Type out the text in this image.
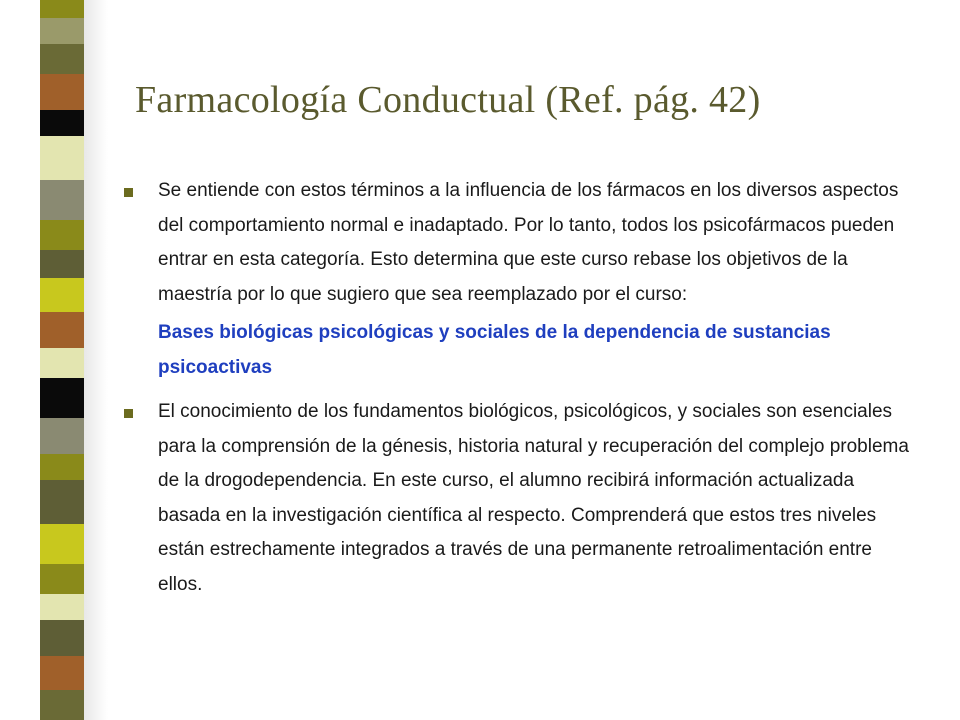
Farmacología Conductual (Ref. pág. 42)
Se entiende con estos términos a la influencia de los fármacos en los diversos aspectos del comportamiento normal e inadaptado. Por lo tanto, todos los psicofármacos pueden entrar en esta categoría. Esto determina que este curso rebase los objetivos de la maestría por lo que sugiero que sea reemplazado por el curso:
Bases biológicas psicológicas y sociales de la dependencia de sustancias psicoactivas
El conocimiento de los fundamentos biológicos, psicológicos, y sociales son esenciales para la comprensión de la génesis, historia natural y recuperación del complejo problema de la drogodependencia. En este curso, el alumno recibirá información actualizada basada en la investigación científica al respecto. Comprenderá que estos tres niveles están estrechamente integrados a través de una permanente retroalimentación entre ellos.
